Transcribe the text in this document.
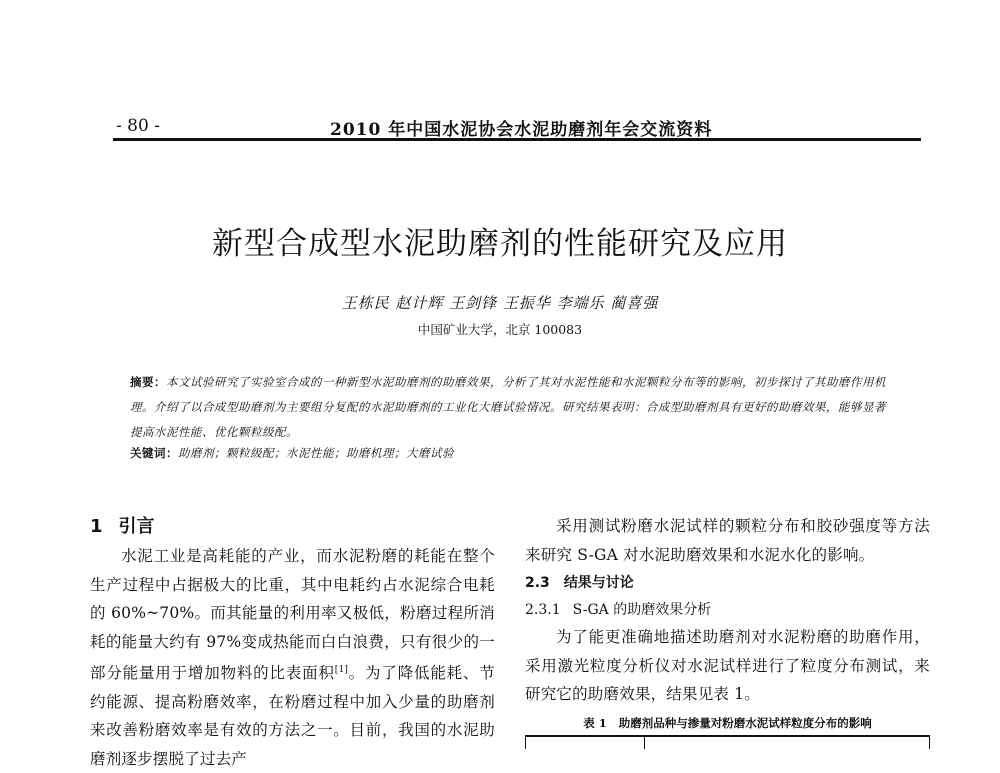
- 80 -	2010 年中国水泥协会水泥助磨剂年会交流资料
新型合成型水泥助磨剂的性能研究及应用
王栋民 赵计辉 王剑锋 王振华 李端乐 蔺喜强
中国矿业大学，北京 100083
摘要：本文试验研究了实验室合成的一种新型水泥助磨剂的助磨效果，分析了其对水泥性能和水泥颗粒分布等的影响，初步探讨了其助磨作用机理。介绍了以合成型助磨剂为主要组分复配的水泥助磨剂的工业化大磨试验情况。研究结果表明：合成型助磨剂具有更好的助磨效果，能够显著提高水泥性能、优化颗粒级配。
关键词：助磨剂；颗粒级配；水泥性能；助磨机理；大磨试验
1 引言

水泥工业是高耗能的产业，而水泥粉磨的耗能在整个生产过程中占据极大的比重，其中电耗约占水泥综合电耗的 60%~70%。而其能量的利用率又极低，粉磨过程所消耗的能量大约有 97%变成热能而白白浪费，只有很少的一部分能量用于增加物料的比表面积[1]。为了降低能耗、节约能源、提高粉磨效率，在粉磨过程中加入少量的助磨剂来改善粉磨效率是有效的方法之一。目前，我国的水泥助磨剂逐步摆脱了过去产

采用测试粉磨水泥试样的颗粒分布和胶砂强度等方法来研究 S-GA 对水泥助磨效果和水泥水化的影响。

2.3 结果与讨论
2.3.1 S-GA 的助磨效果分析

为了能更准确地描述助磨剂对水泥粉磨的助磨作用，采用激光粒度分析仪对水泥试样进行了粒度分布测试，来研究它的助磨效果，结果见表 1。

表 1 助磨剂品种与掺量对粉磨水泥试样粒度分布的影响
